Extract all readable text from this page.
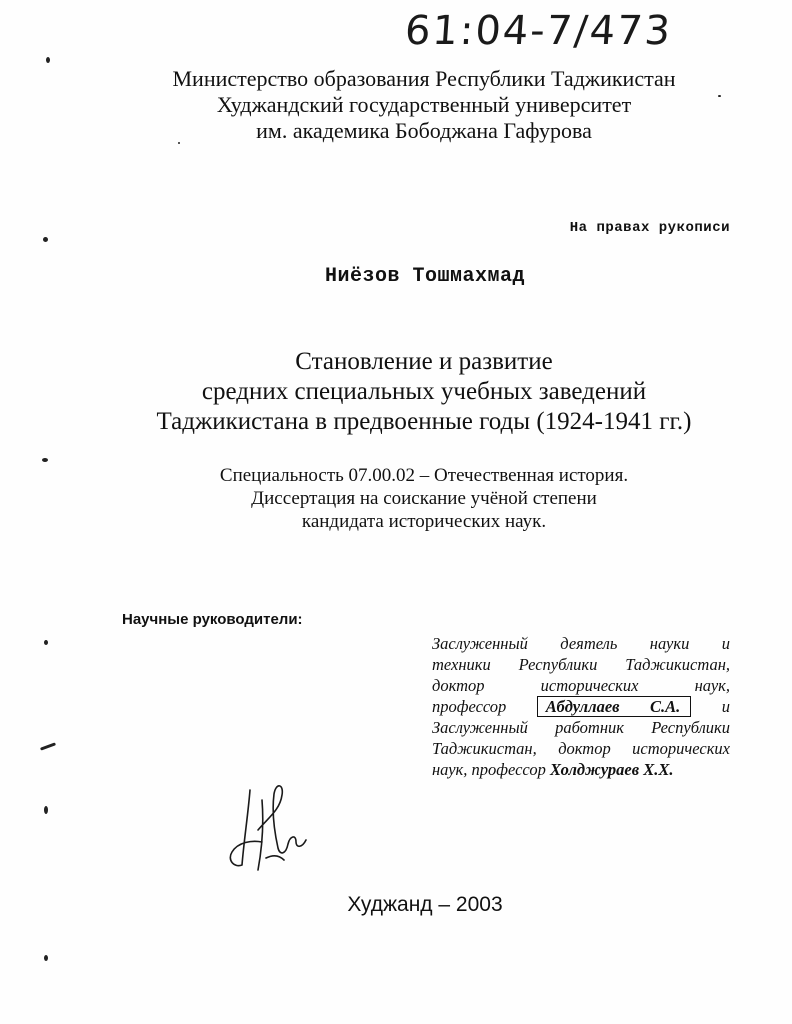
61:04-7/473
Министерство образования Республики Таджикистан
Худжандский государственный университет
им. академика Бободжана Гафурова
На правах рукописи
Ниёзов Тошмахмад
Становление и развитие
средних специальных учебных заведений
Таджикистана в предвоенные годы (1924-1941 гг.)
Специальность 07.00.02 – Отечественная история.
Диссертация на соискание учёной степени
кандидата исторических наук.
Научные руководители:
Заслуженный деятель науки и
техники Республики Таджикистан,
доктор исторических наук,
профессор Абдуллаев С.А.	и
Заслуженный работник Республики
Таджикистан, доктор исторических
наук, профессор Холджураев Х.Х.
Худжанд – 2003
